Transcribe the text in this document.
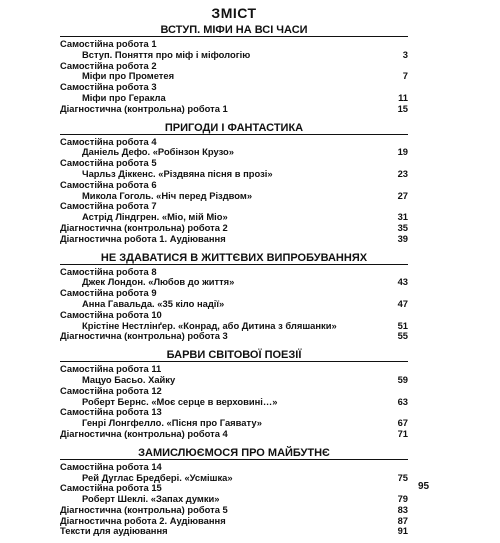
ЗМІСТ
ВСТУП. МІФИ НА ВСІ ЧАСИ
Самостійна робота 1
Вступ. Поняття про міф і міфологію	3
Самостійна робота 2
Міфи про Прометея	7
Самостійна робота 3
Міфи про Геракла	11
Діагностична (контрольна) робота 1	15
ПРИГОДИ І ФАНТАСТИКА
Самостійна робота 4
Даніель Дефо. «Робінзон Крузо»	19
Самостійна робота 5
Чарльз Діккенс. «Різдвяна пісня в прозі»	23
Самостійна робота 6
Микола Гоголь. «Ніч перед Різдвом»	27
Самостійна робота 7
Астрід Ліндгрен. «Міо, мій Міо»	31
Діагностична (контрольна) робота 2	35
Діагностична робота 1. Аудіювання	39
НЕ ЗДАВАТИСЯ В ЖИТТЄВИХ ВИПРОБУВАННЯХ
Самостійна робота 8
Джек Лондон. «Любов до життя»	43
Самостійна робота 9
Анна Гавальда. «35 кіло надії»	47
Самостійна робота 10
Крістіне Нестлінґер. «Конрад, або Дитина з бляшанки»	51
Діагностична (контрольна) робота 3	55
БАРВИ СВІТОВОЇ ПОЕЗІЇ
Самостійна робота 11
Мацуо Басьо. Хайку	59
Самостійна робота 12
Роберт Бернс. «Моє серце в верховині…»	63
Самостійна робота 13
Генрі Лонгфелло. «Пісня про Гаявату»	67
Діагностична (контрольна) робота 4	71
ЗАМИСЛЮЄМОСЯ ПРО МАЙБУТНЄ
Самостійна робота 14
Рей Дуглас Бредбері. «Усмішка»	75
Самостійна робота 15
Роберт Шеклі. «Запах думки»	79
Діагностична (контрольна) робота 5	83
Діагностична робота 2. Аудіювання	87
Тексти для аудіювання	91
95
